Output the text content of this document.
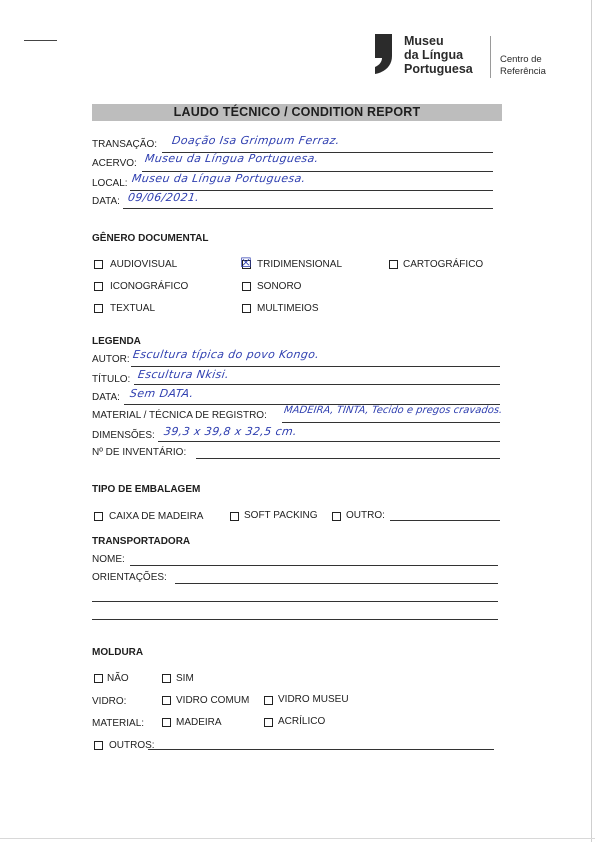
Museu
da Língua
Portuguesa
Centro de
Referência
LAUDO TÉCNICO / CONDITION REPORT
TRANSAÇÃO: Doação Isa Grimpum Ferraz.
ACERVO: Museu da Língua Portuguesa.
LOCAL: Museu da Língua Portuguesa.
DATA: 09/06/2021.
GÊNERO DOCUMENTAL
AUDIOVISUAL	☒ TRIDIMENSIONAL	CARTOGRÁFICO
ICONOGRÁFICO	SONORO
TEXTUAL	MULTIMEIOS
LEGENDA
AUTOR: Escultura típica do povo Kongo.
TÍTULO: Escultura Nkisi.
DATA: Sem DATA.
MATERIAL / TÉCNICA DE REGISTRO: MADEIRA, TINTA, Tecido e pregos cravados.
DIMENSÕES: 39,3 x 39,8 x 32,5 cm.
Nº DE INVENTÁRIO:
TIPO DE EMBALAGEM
CAIXA DE MADEIRA	SOFT PACKING	OUTRO:
TRANSPORTADORA
NOME:
ORIENTAÇÕES:
MOLDURA
NÃO	SIM
VIDRO:	VIDRO COMUM	VIDRO MUSEU
MATERIAL:	MADEIRA	ACRÍLICO
OUTROS:
